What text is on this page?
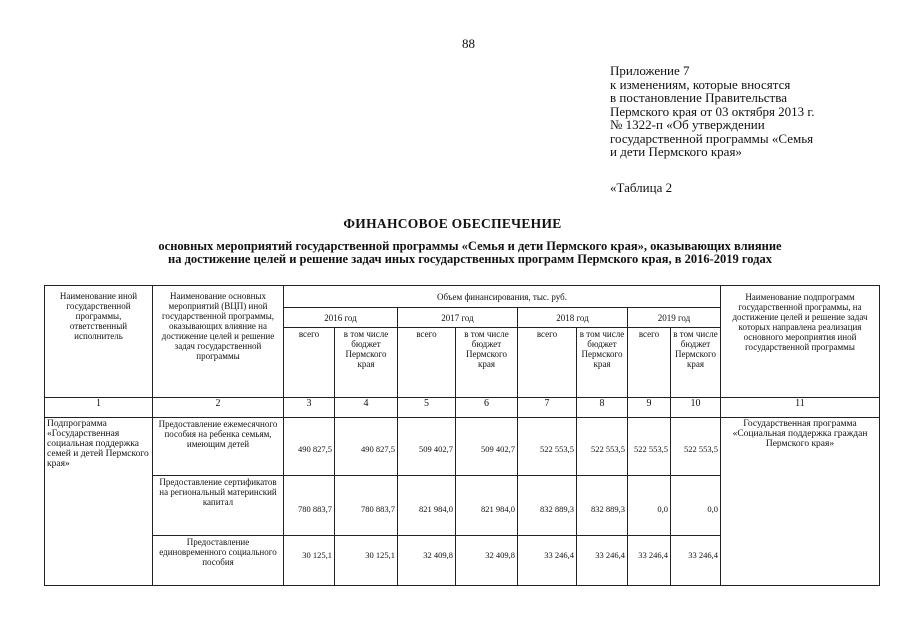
88
Приложение 7
к изменениям, которые вносятся
в постановление Правительства
Пермского края от 03 октября 2013 г.
№ 1322-п «Об утверждении
государственной программы «Семья
и дети Пермского края»
«Таблица 2
ФИНАНСОВОЕ ОБЕСПЕЧЕНИЕ
основных мероприятий государственной программы «Семья и дети Пермского края», оказывающих влияние
на достижение целей и решение задач иных государственных программ Пермского края, в 2016-2019 годах
Наименование иной государственной программы, ответственный исполнитель	Наименование основных мероприятий (ВЦП) иной государственной программы, оказывающих влияние на достижение целей и решение задач государственной программы	Объем финансирования, тыс. руб.								Наименование подпрограмм государственной программы, на достижение целей и решение задач которых направлена реализация основного мероприятия иной государственной программы
		2016 год		2017 год		2018 год		2019 год		
		всего	в том числе бюджет Пермского края	всего	в том числе бюджет Пермского края	всего	в том числе бюджет Пермского края	всего	в том числе бюджет Пермского края	
1	2	3	4	5	6	7	8	9	10	11
Подпрограмма «Государственная социальная поддержка семей и детей Пермского края»	Предоставление ежемесячного пособия на ребенка семьям, имеющим детей	490 827,5	490 827,5	509 402,7	509 402,7	522 553,5	522 553,5	522 553,5	522 553,5	Государственная программа «Социальная поддержка граждан Пермского края»
	Предоставление сертификатов на региональный материнский капитал	780 883,7	780 883,7	821 984,0	821 984,0	832 889,3	832 889,3	0,0	0,0	
	Предоставление единовременного социального пособия	30 125,1	30 125,1	32 409,8	32 409,8	33 246,4	33 246,4	33 246,4	33 246,4	
